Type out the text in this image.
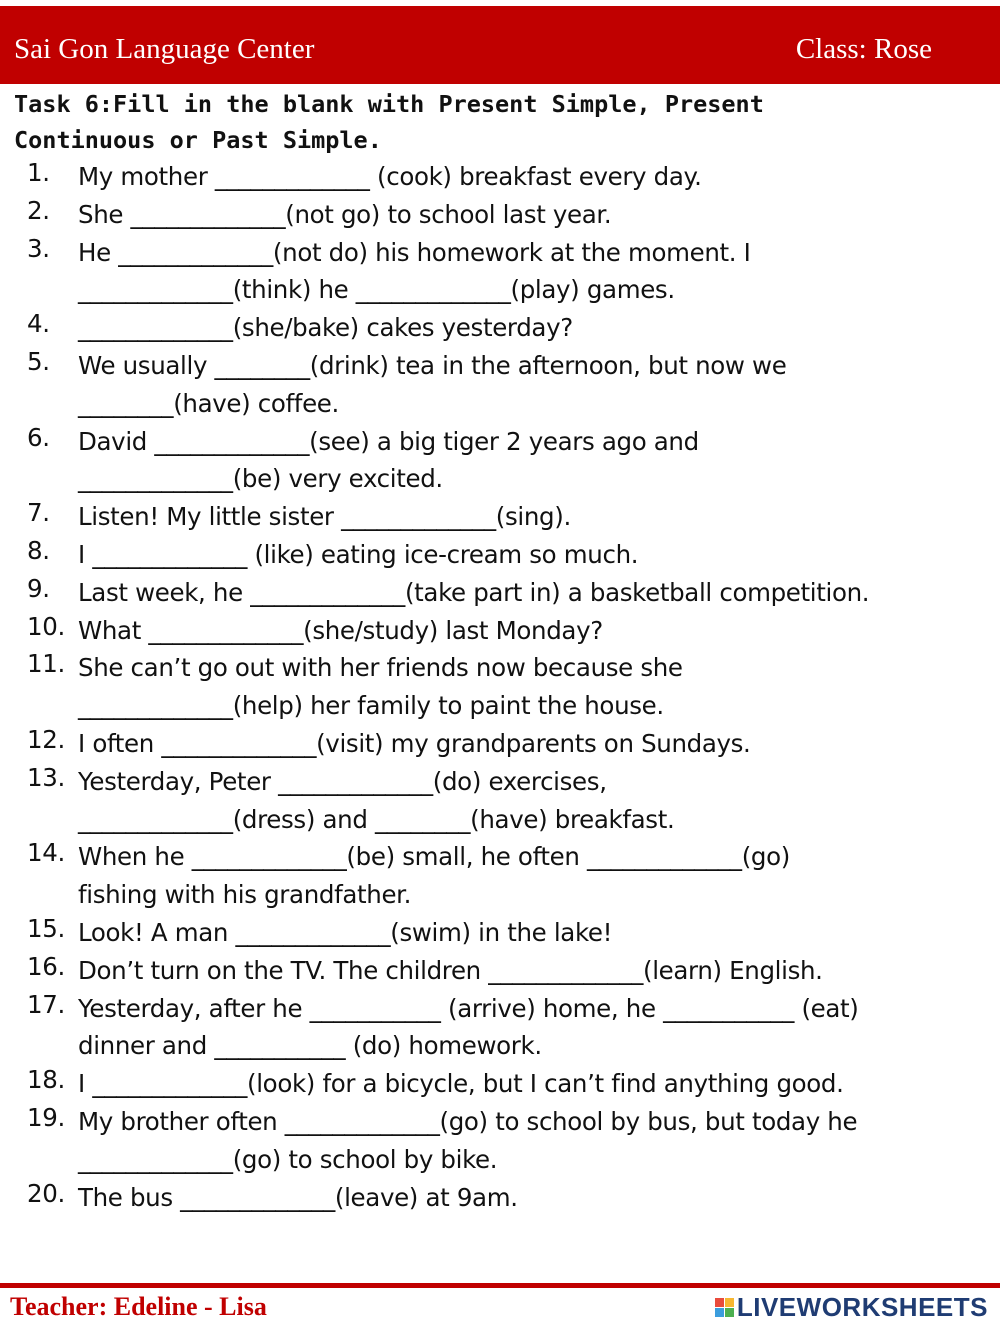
Sai Gon Language Center	Class: Rose
Task 6:Fill in the blank with Present Simple, Present
Continuous or Past Simple.
1.	My mother _____________ (cook) breakfast every day.
2.	She _____________(not go) to school last year.
3.	He _____________(not do) his homework at the moment. I
_____________(think) he _____________(play) games.
4.	_____________(she/bake) cakes yesterday?
5.	We usually ________(drink) tea in the afternoon, but now we
________(have) coffee.
6.	David _____________(see) a big tiger 2 years ago and
_____________(be) very excited.
7.	Listen! My little sister _____________(sing).
8.	I _____________ (like) eating ice-cream so much.
9.	Last week, he _____________(take part in) a basketball competition.
10. What _____________(she/study) last Monday?
11. She can’t go out with her friends now because she
_____________(help) her family to paint the house.
12. I often _____________(visit) my grandparents on Sundays.
13. Yesterday, Peter _____________(do) exercises,
_____________(dress) and ________(have) breakfast.
14. When he _____________(be) small, he often _____________(go)
fishing with his grandfather.
15. Look! A man _____________(swim) in the lake!
16. Don’t turn on the TV. The children _____________(learn) English.
17. Yesterday, after he ___________ (arrive) home, he ___________ (eat)
dinner and ___________ (do) homework.
18. I _____________(look) for a bicycle, but I can’t find anything good.
19. My brother often _____________(go) to school by bus, but today he
_____________(go) to school by bike.
20. The bus _____________(leave) at 9am.
Teacher: Edeline - Lisa	LIVEWORKSHEETS
